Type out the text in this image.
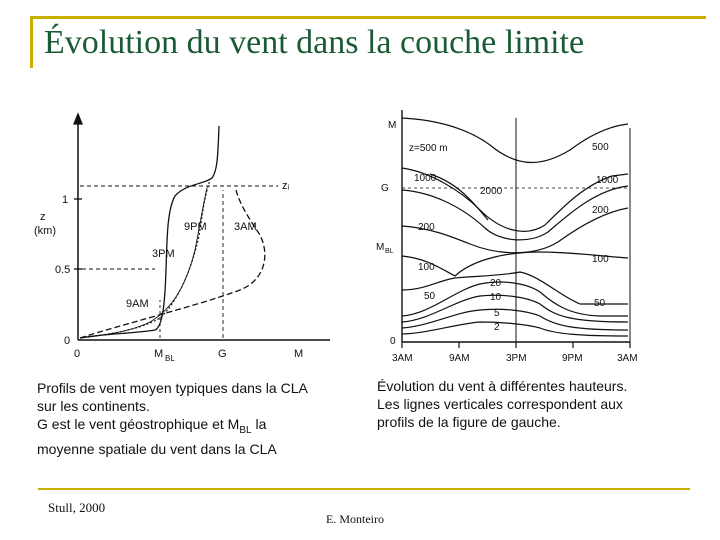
Évolution du vent dans la couche limite
1
0.5
0
z
(km)
zᵢ
3PM
9PM
9AM
3AM
0	M BL	G	M
M
G
M BL
0
z=500 m	500
1000
2000
1000
200
200
100
100
50
50
20
10
5
2
3AM	9AM	3PM	9PM	3AM
Profils de vent moyen typiques dans la CLA
sur les continents.
G est le vent géostrophique et $M_{BL}$ la
moyenne spatiale du vent dans la CLA
Évolution du vent à différentes hauteurs.
Les lignes verticales correspondent aux
profils de la figure de gauche.
Stull, 2000
E. Monteiro
